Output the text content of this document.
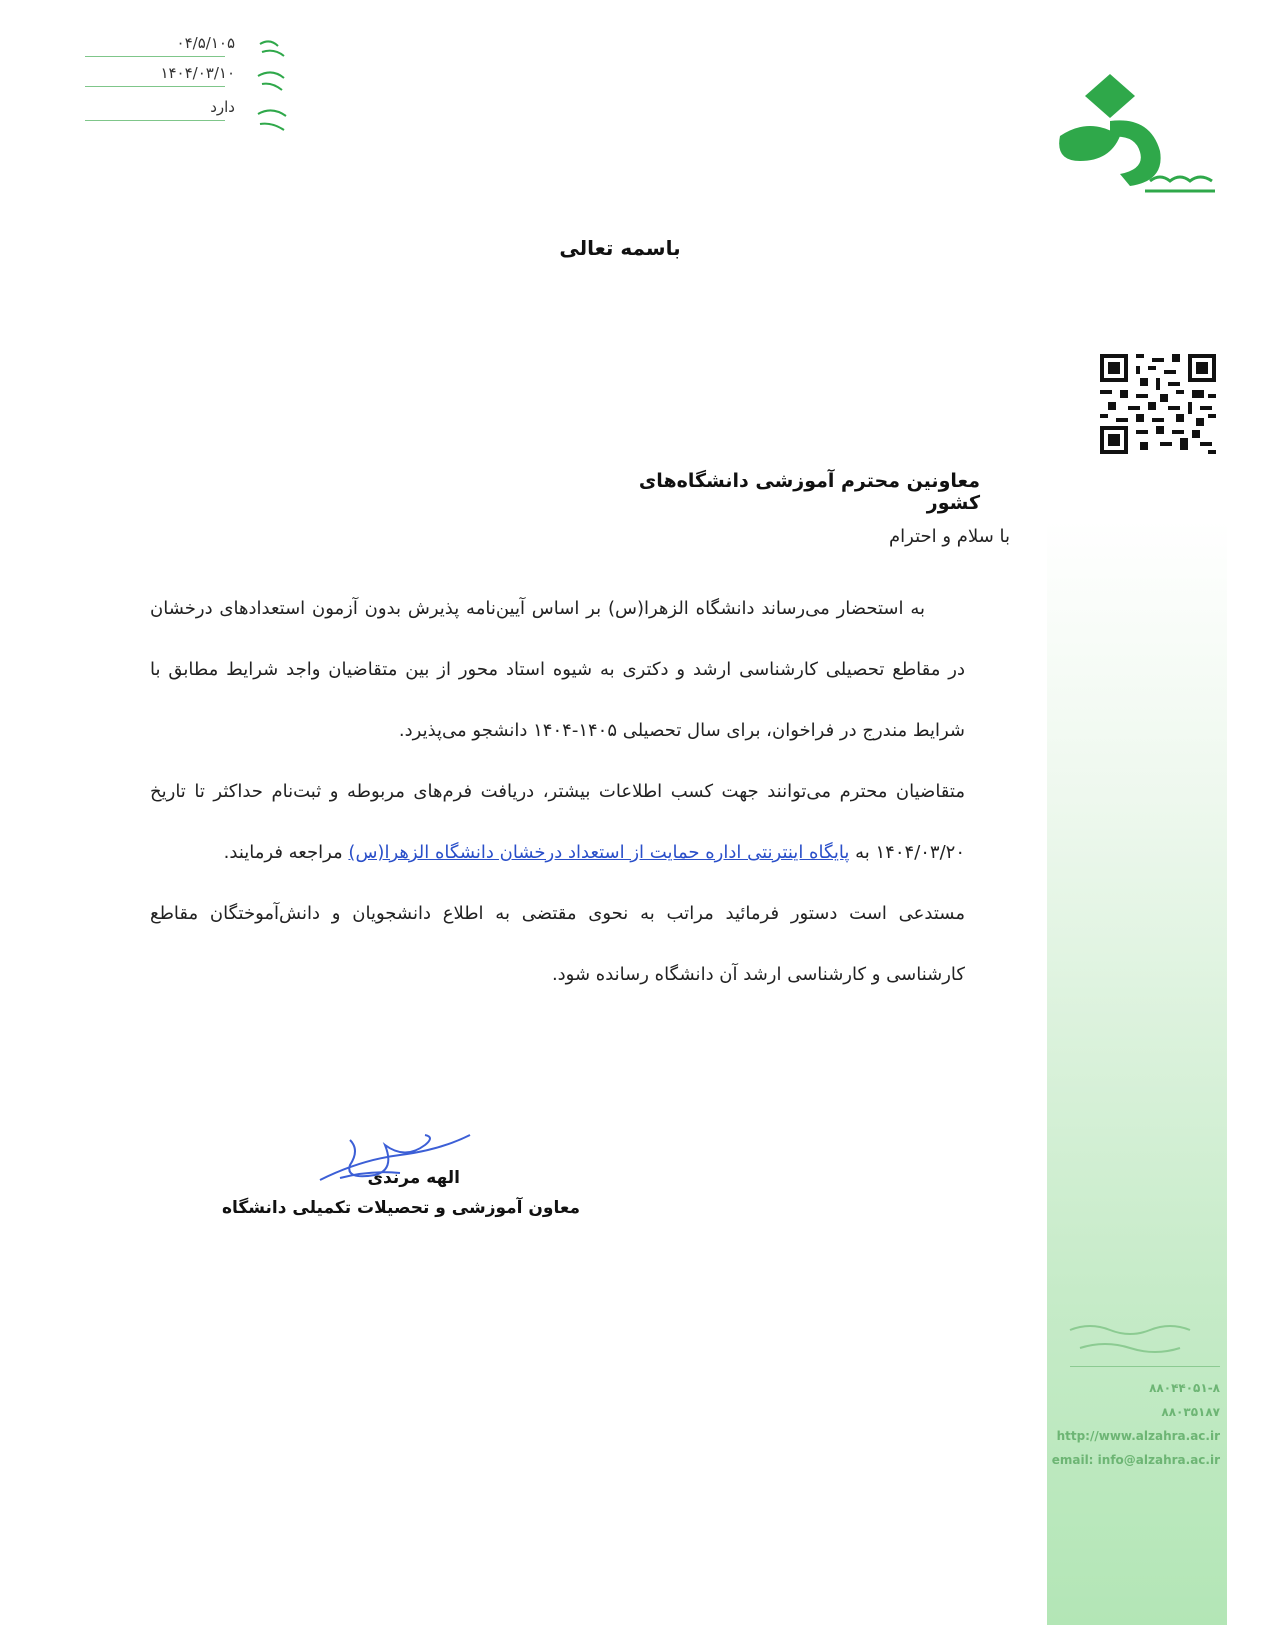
۰۴/۵/۱۰۵
۱۴۰۴/۰۳/۱۰
دارد
باسمه تعالی
۸۸۰۴۴۰۵۱-۸
۸۸۰۳۵۱۸۷
http://www.alzahra.ac.ir
email: info@alzahra.ac.ir
معاونین محترم آموزشی دانشگاه‌های کشور
با سلام و احترام

به استحضار می‌رساند دانشگاه الزهرا(س) بر اساس آیین‌نامه پذیرش بدون آزمون استعدادهای درخشان در مقاطع تحصیلی کارشناسی ارشد و دکتری به شیوه استاد محور از بین متقاضیان واجد شرایط مطابق با شرایط مندرج در فراخوان، برای سال تحصیلی ۱۴۰۵-۱۴۰۴ دانشجو می‌پذیرد.

متقاضیان محترم می‌توانند جهت کسب اطلاعات بیشتر، دریافت فرم‌های مربوطه و ثبت‌نام حداکثر تا تاریخ ۱۴۰۴/۰۳/۲۰ به پایگاه اینترنتی اداره حمایت از استعداد درخشان دانشگاه الزهرا(س) مراجعه فرمایند.

مستدعی است دستور فرمائید مراتب به نحوی مقتضی به اطلاع دانشجویان و دانش‌آموختگان مقاطع کارشناسی و کارشناسی ارشد آن دانشگاه رسانده شود.

الهه مرندی
معاون آموزشی و تحصیلات تکمیلی دانشگاه
